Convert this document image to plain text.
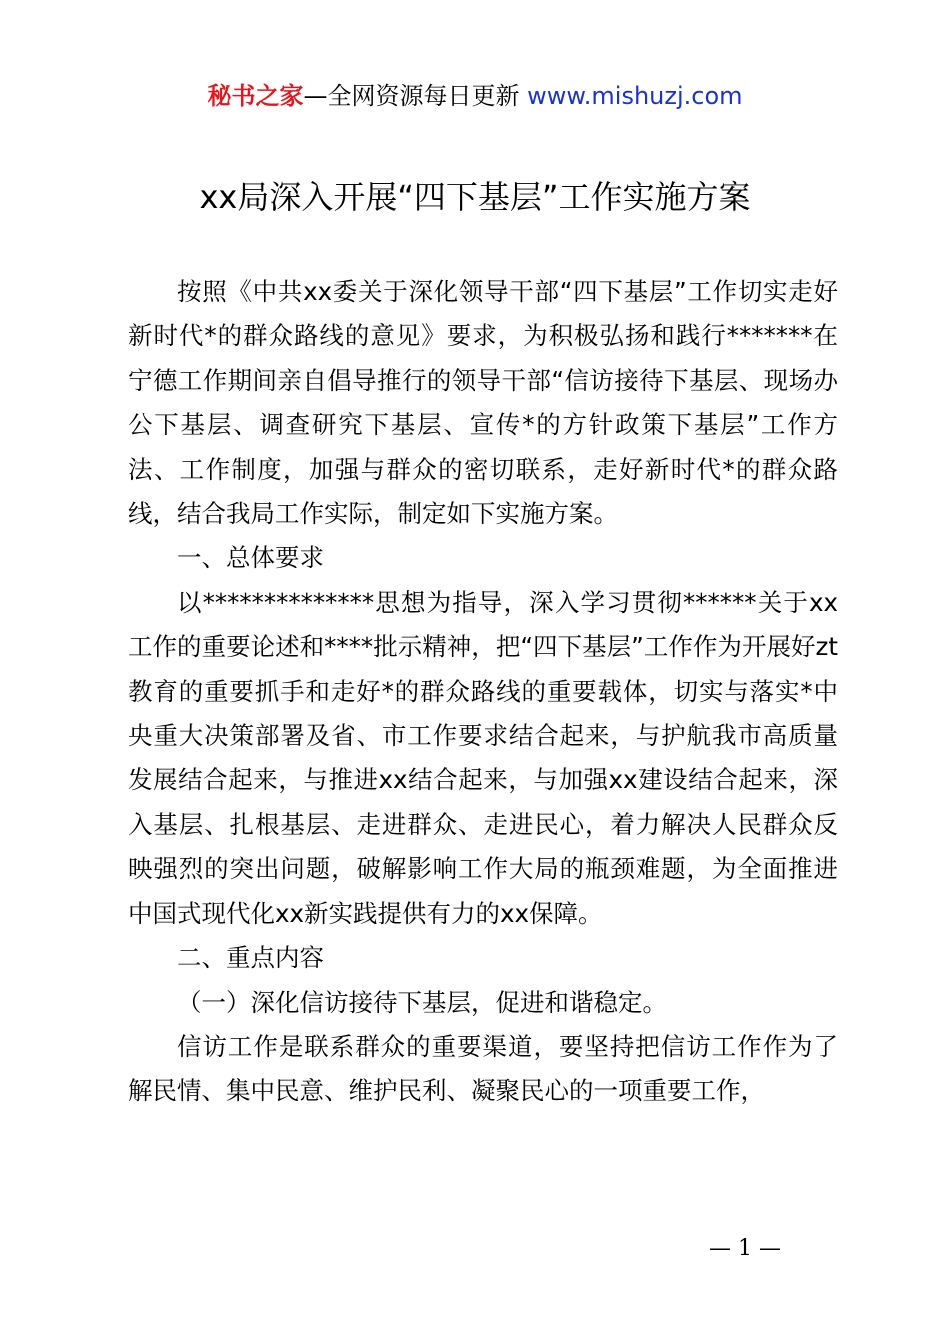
秘书之家—全网资源每日更新 www.mishuzj.com
xx局深入开展“四下基层”工作实施方案

按照《中共xx委关于深化领导干部“四下基层”工作切实走好新时代*的群众路线的意见》要求，为积极弘扬和践行*******在宁德工作期间亲自倡导推行的领导干部“信访接待下基层、现场办公下基层、调查研究下基层、宣传*的方针政策下基层”工作方法、工作制度，加强与群众的密切联系，走好新时代*的群众路线，结合我局工作实际，制定如下实施方案。

一、总体要求

以**************思想为指导，深入学习贯彻******关于xx工作的重要论述和****批示精神，把“四下基层”工作作为开展好zt教育的重要抓手和走好*的群众路线的重要载体，切实与落实*中央重大决策部署及省、市工作要求结合起来，与护航我市高质量发展结合起来，与推进xx结合起来，与加强xx建设结合起来，深入基层、扎根基层、走进群众、走进民心，着力解决人民群众反映强烈的突出问题，破解影响工作大局的瓶颈难题，为全面推进中国式现代化xx新实践提供有力的xx保障。

二、重点内容

（一）深化信访接待下基层，促进和谐稳定。

信访工作是联系群众的重要渠道，要坚持把信访工作作为了解民情、集中民意、维护民利、凝聚民心的一项重要工作，

— 1 —
